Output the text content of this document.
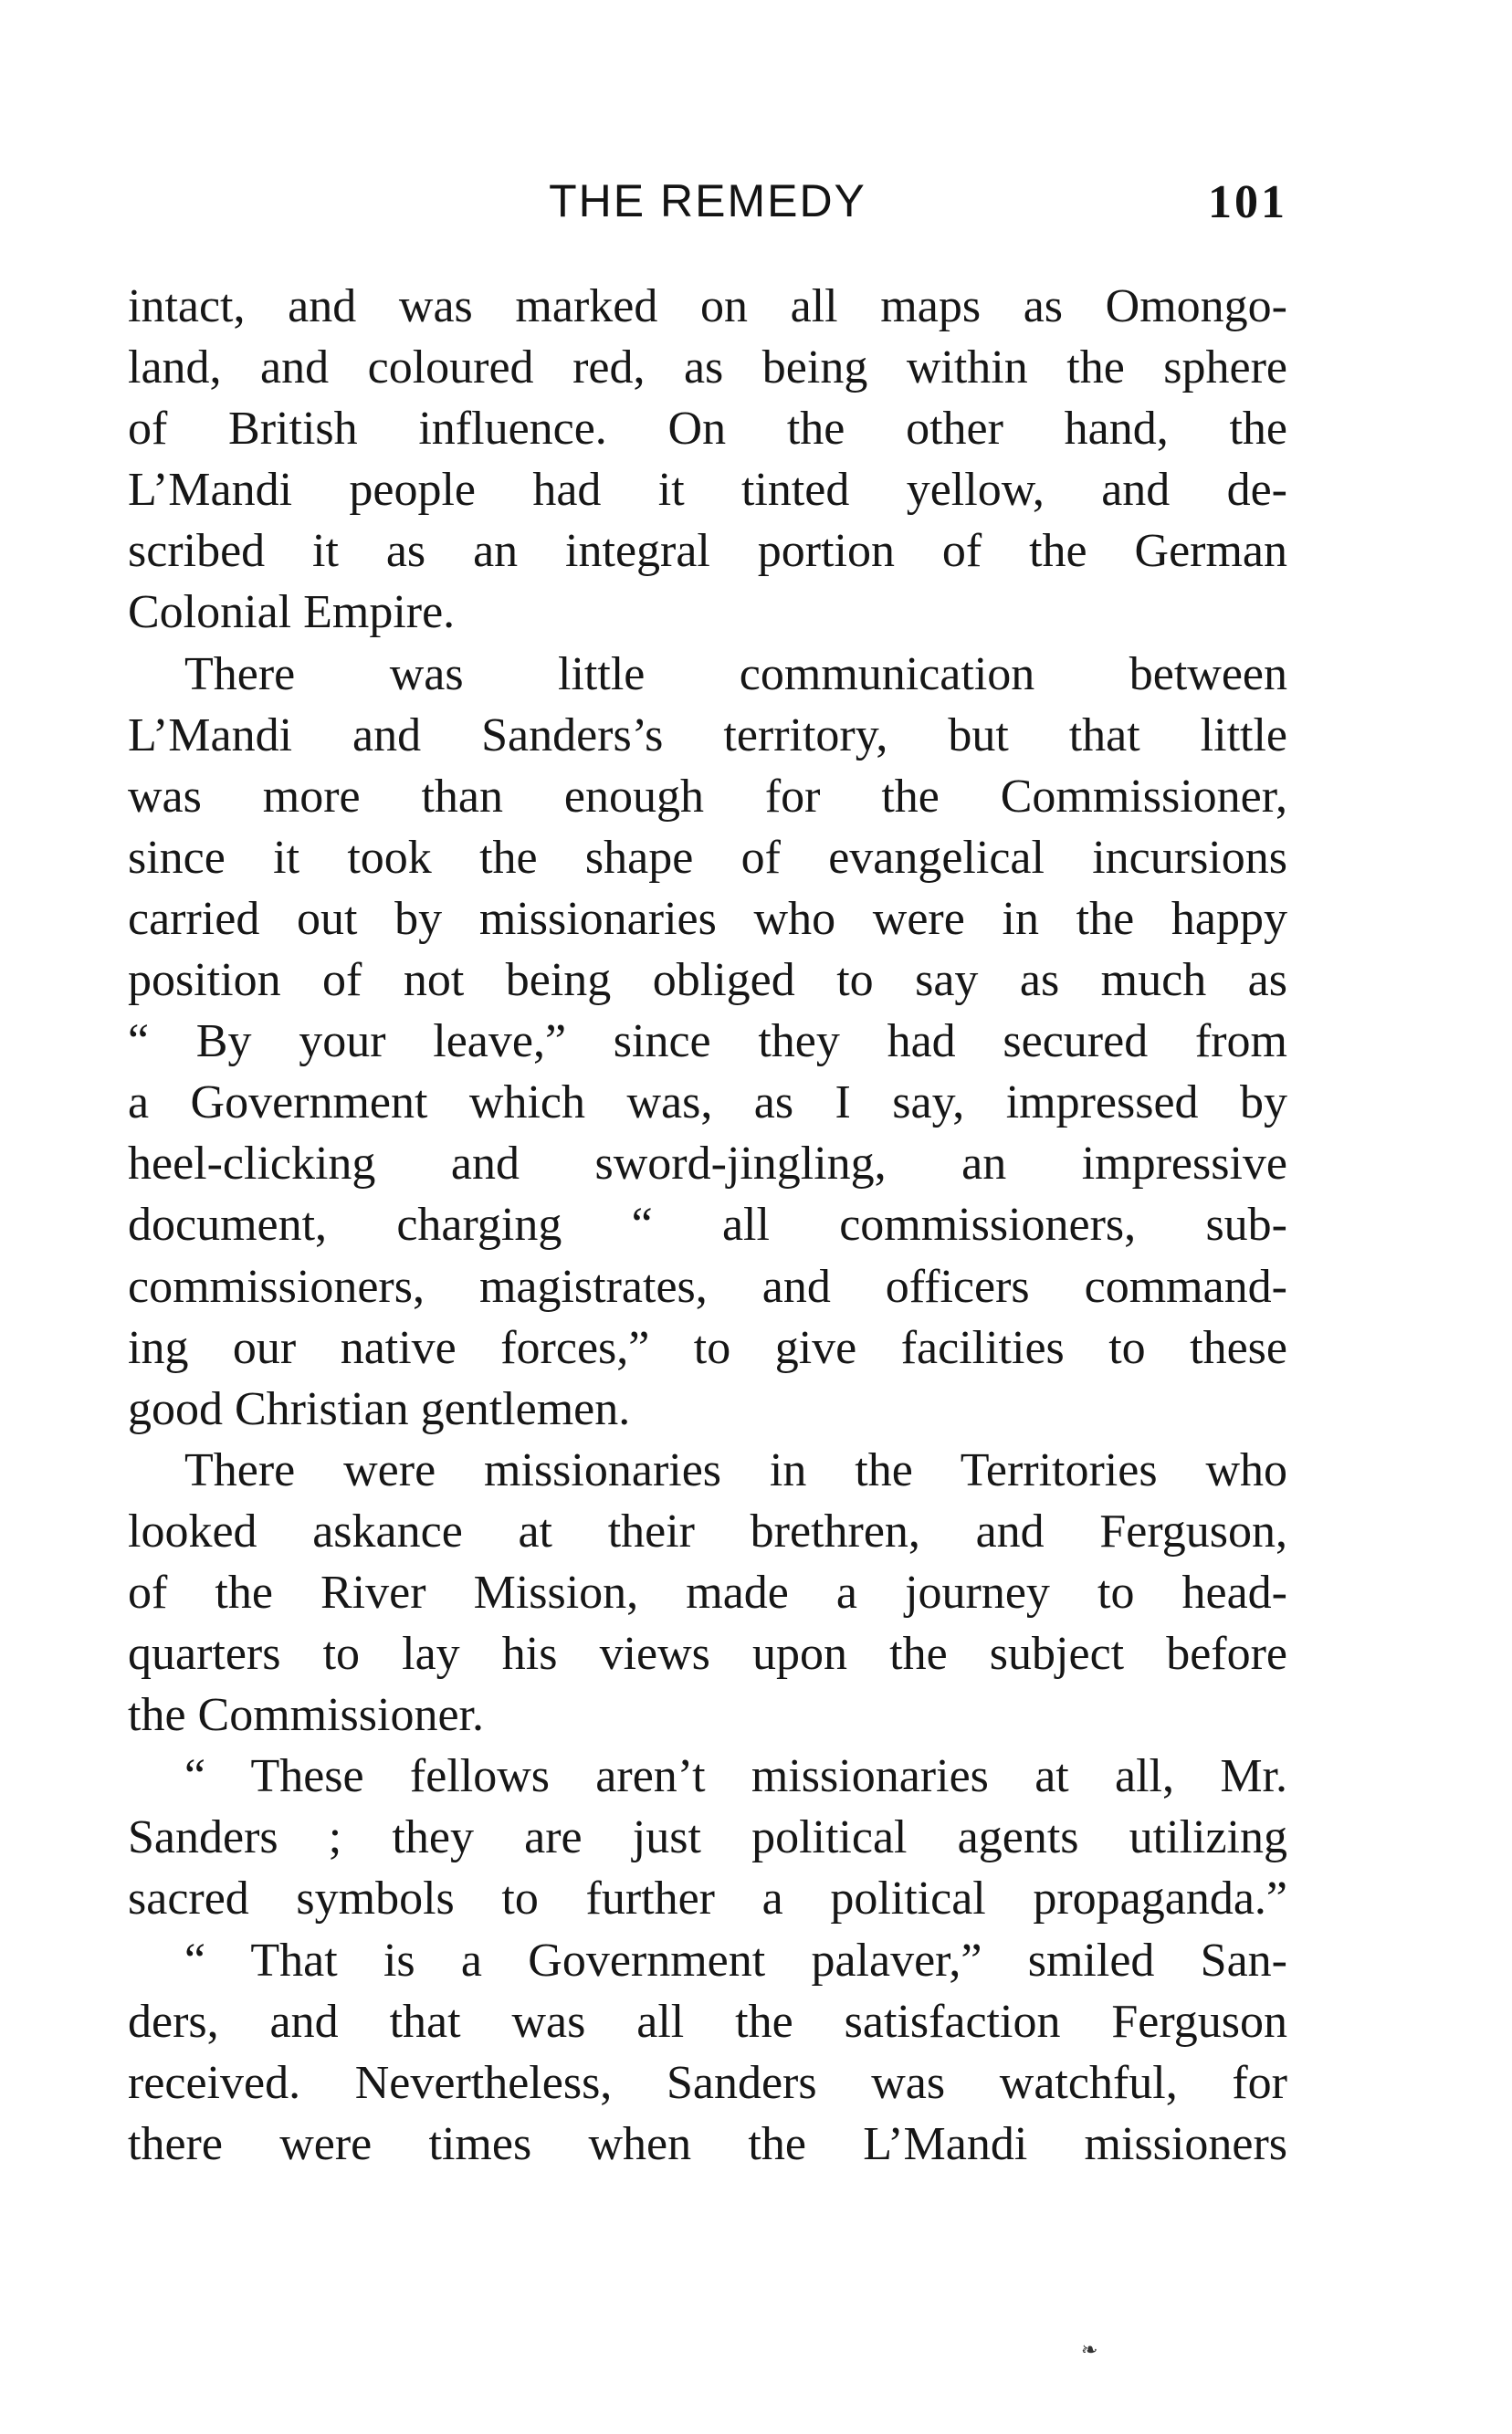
THE REMEDY	101
intact, and was marked on all maps as Omongo-
land, and coloured red, as being within the sphere
of British influence. On the other hand, the
L’Mandi people had it tinted yellow, and de-
scribed it as an integral portion of the German
Colonial Empire.
There was little communication between
L’Mandi and Sanders’s territory, but that little
was more than enough for the Commissioner,
since it took the shape of evangelical incursions
carried out by missionaries who were in the happy
position of not being obliged to say as much as
“ By your leave,” since they had secured from
a Government which was, as I say, impressed by
heel-clicking and sword-jingling, an impressive
document, charging “ all commissioners, sub-
commissioners, magistrates, and officers command-
ing our native forces,” to give facilities to these
good Christian gentlemen.
There were missionaries in the Territories who
looked askance at their brethren, and Ferguson,
of the River Mission, made a journey to head-
quarters to lay his views upon the subject before
the Commissioner.
“ These fellows aren’t missionaries at all, Mr.
Sanders ; they are just political agents utilizing
sacred symbols to further a political propaganda.”
“ That is a Government palaver,” smiled San-
ders, and that was all the satisfaction Ferguson
received. Nevertheless, Sanders was watchful, for
there were times when the L’Mandi missioners
❧
